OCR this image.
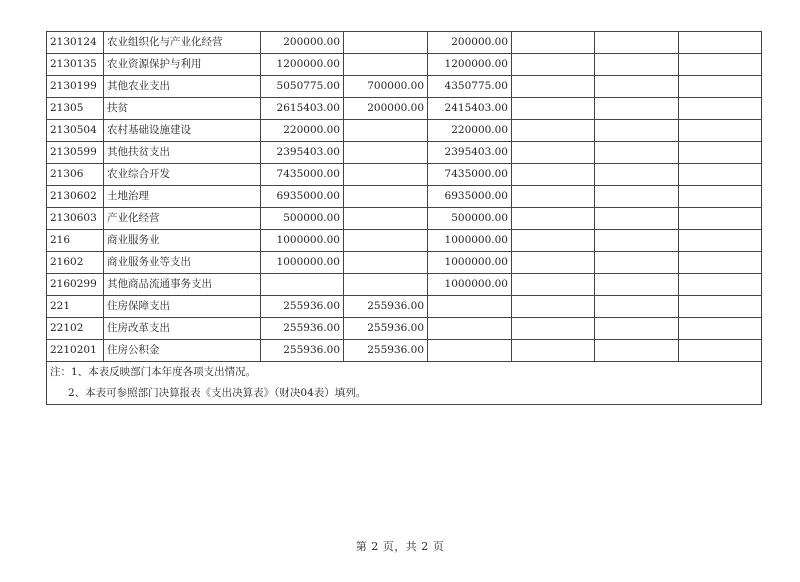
2130124	农业组织化与产业化经营	200000.00		200000.00			
2130135	农业资源保护与利用	1200000.00		1200000.00			
2130199	其他农业支出	5050775.00	700000.00	4350775.00			
21305	扶贫	2615403.00	200000.00	2415403.00			
2130504	农村基础设施建设	220000.00		220000.00			
2130599	其他扶贫支出	2395403.00		2395403.00			
21306	农业综合开发	7435000.00		7435000.00			
2130602	土地治理	6935000.00		6935000.00			
2130603	产业化经营	500000.00		500000.00			
216	商业服务业	1000000.00		1000000.00			
21602	商业服务业等支出	1000000.00		1000000.00			
2160299	其他商品流通事务支出			1000000.00			
221	住房保障支出	255936.00	255936.00				
22102	住房改革支出	255936.00	255936.00				
2210201	住房公积金	255936.00	255936.00				

注：1、本表反映部门本年度各项支出情况。
2、本表可参照部门决算报表《支出决算表》（财决04表）填列。							
第 2 页，共 2 页
